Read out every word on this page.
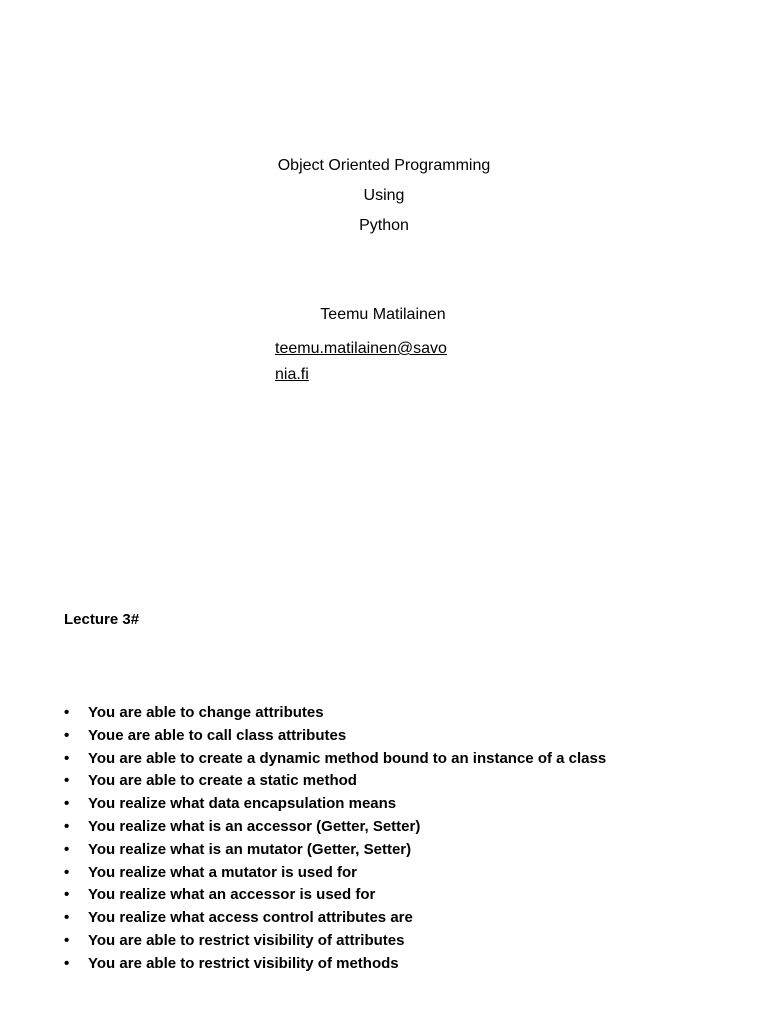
Object Oriented Programming
Using
Python
Teemu Matilainen
teemu.matilainen@savonia.fi
Lecture 3#
• You are able to change attributes
• Youe are able to call class attributes
• You are able to create a dynamic method bound to an instance of a class
• You are able to create a static method
• You realize what data encapsulation means
• You realize what is an accessor (Getter, Setter)
• You realize what is an mutator (Getter, Setter)
• You realize what a mutator is used for
• You realize what an accessor is used for
• You realize what access control attributes are
• You are able to restrict visibility of attributes
• You are able to restrict visibility of methods
